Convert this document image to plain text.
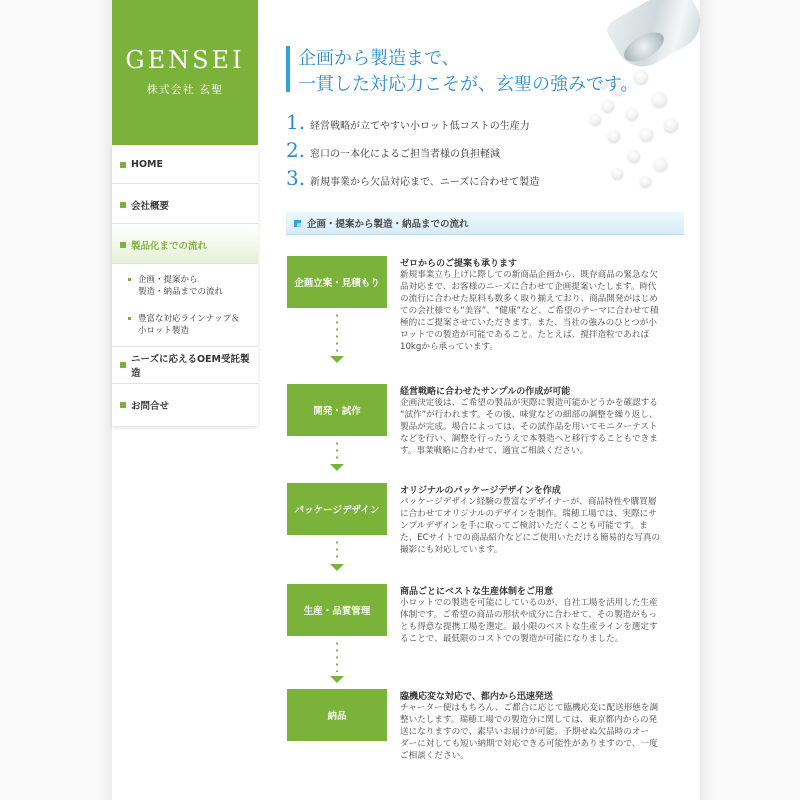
GENSEI
株式会社 玄聖
HOME
会社概要
製品化までの流れ
企画・提案から
製造・納品までの流れ
豊富な対応ラインナップ＆
小ロット製造
ニーズに応えるOEM受託製造
お問合せ
企画から製造まで、
一貫した対応力こそが、玄聖の強みです。
1. 経営戦略が立てやすい小ロット低コストの生産力
2. 窓口の一本化によるご担当者様の負担軽減
3. 新規事業から欠品対応まで、ニーズに合わせて製造
企画・提案から製造・納品までの流れ
企画立案・見積もり
ゼロからのご提案も承ります
新規事業立ち上げに際しての新商品企画から、既存商品の緊急な欠
品対応まで、お客様のニーズに合わせて企画提案いたします。時代
の流行に合わせた原料も数多く取り揃えており、商品開発がはじめ
ての会社様でも“美容”、“健康”など、ご希望のテーマに合わせて積
極的にご提案させていただきます。また、当社の強みのひとつが小
ロットでの製造が可能であること。たとえば、撹拌造粒であれば
10kgから承っています。
開発・試作
経営戦略に合わせたサンプルの作成が可能
企画決定後は、ご希望の製品が実際に製造可能かどうかを確認する
“試作”が行われます。その後、味覚などの細部の調整を繰り返し、
製品が完成。場合によっては、その試作品を用いてモニターテスト
などを行い、調整を行ったうえで本製造へと移行することもできま
す。事業戦略に合わせて、適宜ご相談ください。
パッケージデザイン
オリジナルのパッケージデザインを作成
パッケージデザイン経験の豊富なデザイナーが、商品特性や購買層
に合わせてオリジナルのデザインを制作。瑞穂工場では、実際にサ
ンプルデザインを手に取ってご検討いただくことも可能です。ま
た、ECサイトでの商品紹介などにご使用いただける簡易的な写真の
撮影にも対応しています。
生産・品質管理
商品ごとにベストな生産体制をご用意
小ロットでの製造を可能にしているのが、自社工場を活用した生産
体制です。ご希望の商品の形状や成分に合わせて、その製造がもっ
とも得意な提携工場を選定。最小限のベストな生産ラインを選定す
ることで、最低限のコストでの製造が可能になりました。
納品
臨機応変な対応で、都内から迅速発送
チャーター便はもちろん、ご都合に応じて臨機応変に配送形態を調
整いたします。瑞穂工場での製造分に関しては、東京都内からの発
送になりますので、素早いお届けが可能。予期せぬ欠品時のオー
ダーに対しても短い納期で対応できる可能性がありますので、一度
ご相談ください。
